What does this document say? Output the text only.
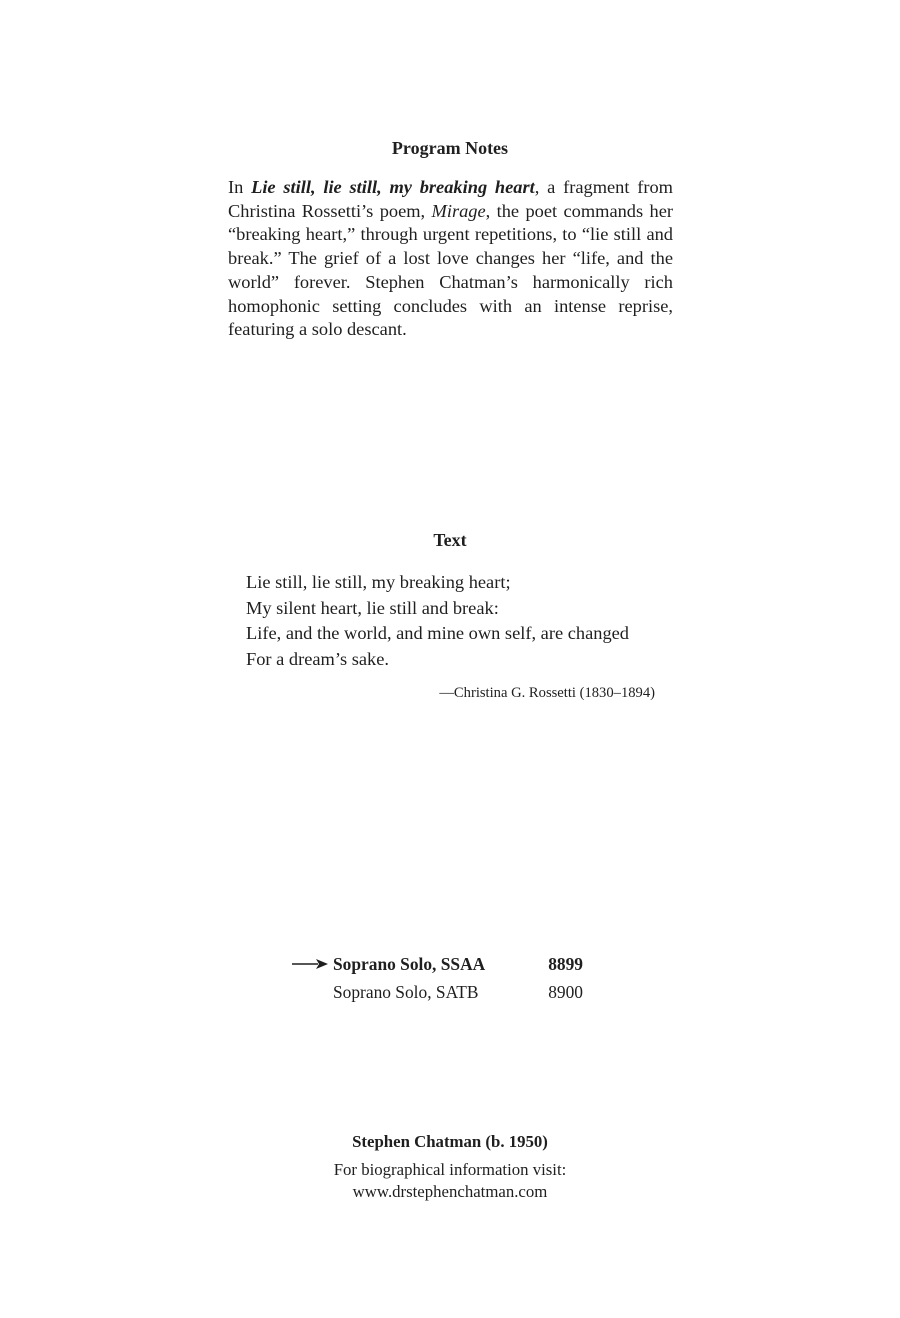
Program Notes

In Lie still, lie still, my breaking heart, a fragment from Christina Rossetti’s poem, Mirage, the poet commands her “breaking heart,” through urgent repetitions, to “lie still and break.” The grief of a lost love changes her “life, and the world” forever. Stephen Chatman’s harmonically rich homophonic setting concludes with an intense reprise, featuring a solo descant.

Text
Lie still, lie still, my breaking heart;
My silent heart, lie still and break:
Life, and the world, and mine own self, are changed
For a dream’s sake.

—Christina G. Rossetti (1830–1894)

Soprano Solo, SSAA	8899
Soprano Solo, SATB	8900

Stephen Chatman (b. 1950)

For biographical information visit:

www.drstephenchatman.com
